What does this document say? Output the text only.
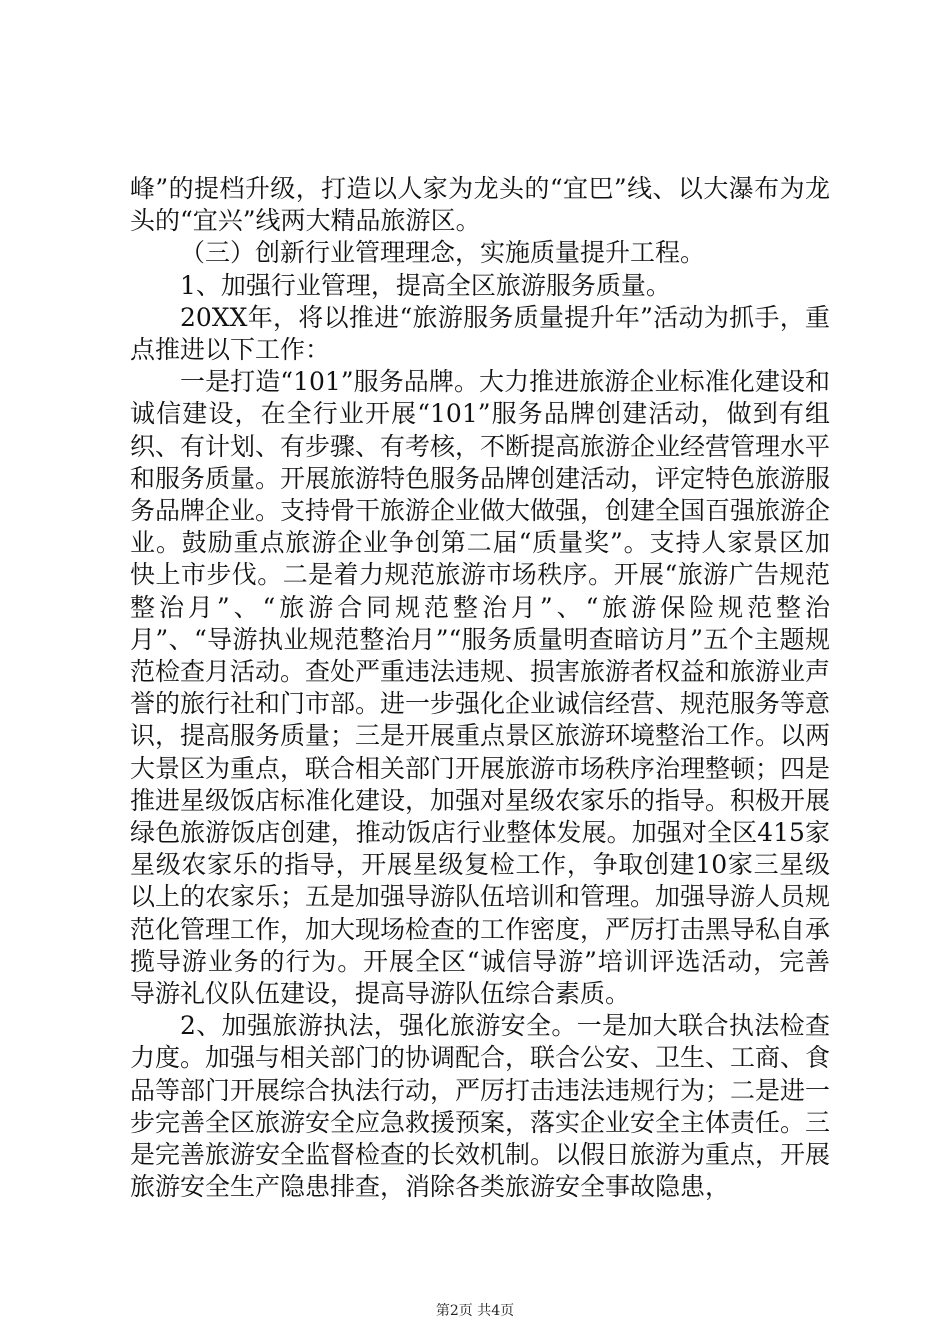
峰”的提档升级，打造以人家为龙头的“宜巴”线、以大瀑布为龙头的“宜兴”线两大精品旅游区。

（三）创新行业管理理念，实施质量提升工程。

1、加强行业管理，提高全区旅游服务质量。

20XX年，将以推进“旅游服务质量提升年”活动为抓手，重点推进以下工作：

一是打造“101”服务品牌。大力推进旅游企业标准化建设和诚信建设，在全行业开展“101”服务品牌创建活动，做到有组织、有计划、有步骤、有考核，不断提高旅游企业经营管理水平和服务质量。开展旅游特色服务品牌创建活动，评定特色旅游服务品牌企业。支持骨干旅游企业做大做强，创建全国百强旅游企业。鼓励重点旅游企业争创第二届“质量奖”。支持人家景区加快上市步伐。二是着力规范旅游市场秩序。开展“旅游广告规范整治月”、“旅游合同规范整治月”、“旅游保险规范整治月”、“导游执业规范整治月”“服务质量明查暗访月”五个主题规范检查月活动。查处严重违法违规、损害旅游者权益和旅游业声誉的旅行社和门市部。进一步强化企业诚信经营、规范服务等意识，提高服务质量；三是开展重点景区旅游环境整治工作。以两大景区为重点，联合相关部门开展旅游市场秩序治理整顿；四是推进星级饭店标准化建设，加强对星级农家乐的指导。积极开展绿色旅游饭店创建，推动饭店行业整体发展。加强对全区415家星级农家乐的指导，开展星级复检工作，争取创建10家三星级以上的农家乐；五是加强导游队伍培训和管理。加强导游人员规范化管理工作，加大现场检查的工作密度，严厉打击黑导私自承揽导游业务的行为。开展全区“诚信导游”培训评选活动，完善导游礼仪队伍建设，提高导游队伍综合素质。

2、加强旅游执法，强化旅游安全。一是加大联合执法检查力度。加强与相关部门的协调配合，联合公安、卫生、工商、食品等部门开展综合执法行动，严厉打击违法违规行为；二是进一步完善全区旅游安全应急救援预案，落实企业安全主体责任。三是完善旅游安全监督检查的长效机制。以假日旅游为重点，开展旅游安全生产隐患排查，消除各类旅游安全事故隐患，

第2页 共4页
